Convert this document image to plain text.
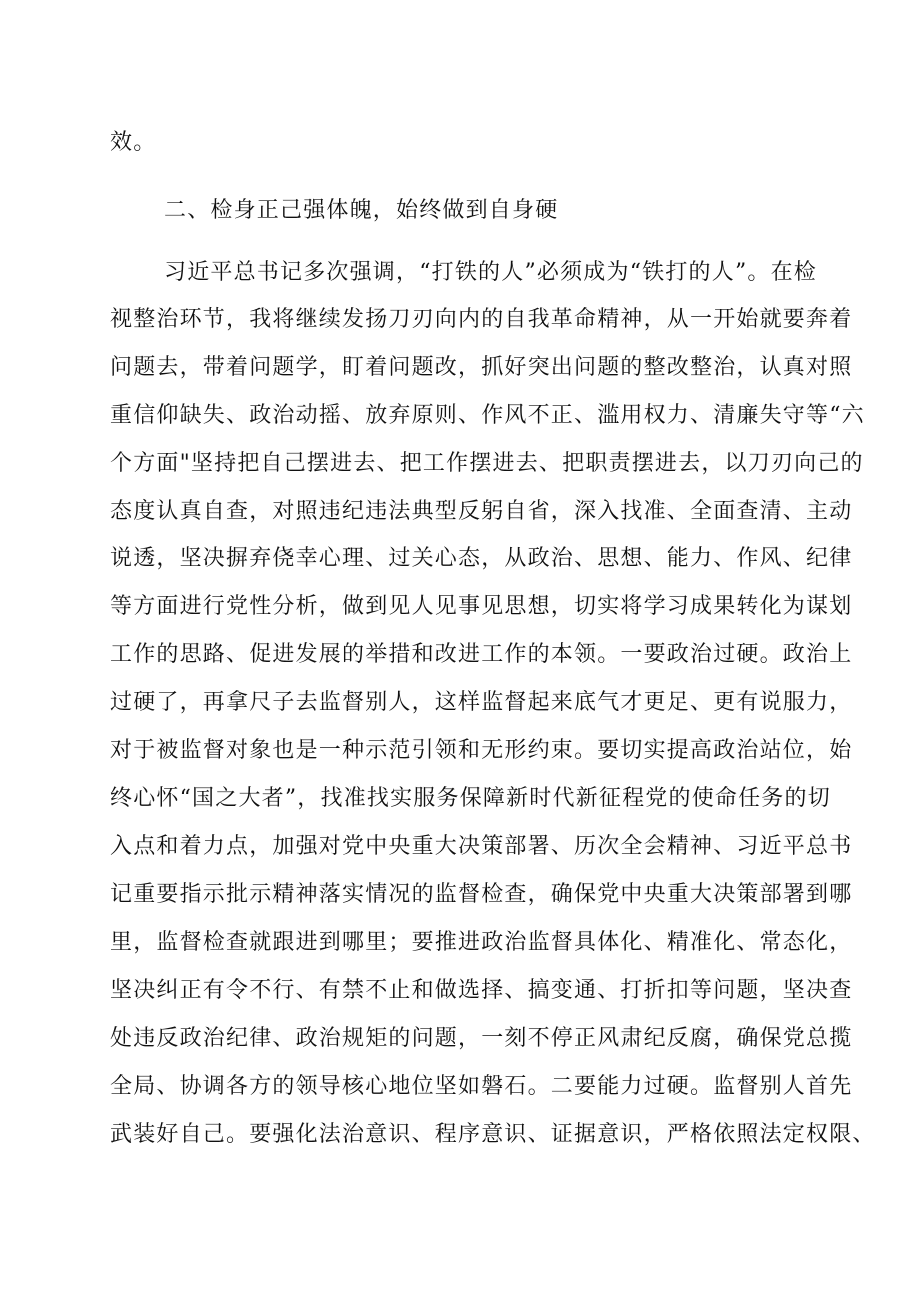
效。
二、检身正己强体魄，始终做到自身硬
习近平总书记多次强调，“打铁的人”必须成为“铁打的人”。在检
视整治环节，我将继续发扬刀刃向内的自我革命精神，从一开始就要奔着
问题去，带着问题学，盯着问题改，抓好突出问题的整改整治，认真对照
重信仰缺失、政治动摇、放弃原则、作风不正、滥用权力、清廉失守等“六
个方面"坚持把自己摆进去、把工作摆进去、把职责摆进去，以刀刃向己的
态度认真自查，对照违纪违法典型反躬自省，深入找准、全面查清、主动
说透，坚决摒弃侥幸心理、过关心态，从政治、思想、能力、作风、纪律
等方面进行党性分析，做到见人见事见思想，切实将学习成果转化为谋划
工作的思路、促进发展的举措和改进工作的本领。一要政治过硬。政治上
过硬了，再拿尺子去监督别人，这样监督起来底气才更足、更有说服力，
对于被监督对象也是一种示范引领和无形约束。要切实提高政治站位，始
终心怀“国之大者”，找准找实服务保障新时代新征程党的使命任务的切
入点和着力点，加强对党中央重大决策部署、历次全会精神、习近平总书
记重要指示批示精神落实情况的监督检查，确保党中央重大决策部署到哪
里，监督检查就跟进到哪里；要推进政治监督具体化、精准化、常态化，
坚决纠正有令不行、有禁不止和做选择、搞变通、打折扣等问题，坚决查
处违反政治纪律、政治规矩的问题，一刻不停正风肃纪反腐，确保党总揽
全局、协调各方的领导核心地位坚如磐石。二要能力过硬。监督别人首先
武装好自己。要强化法治意识、程序意识、证据意识，严格依照法定权限、
